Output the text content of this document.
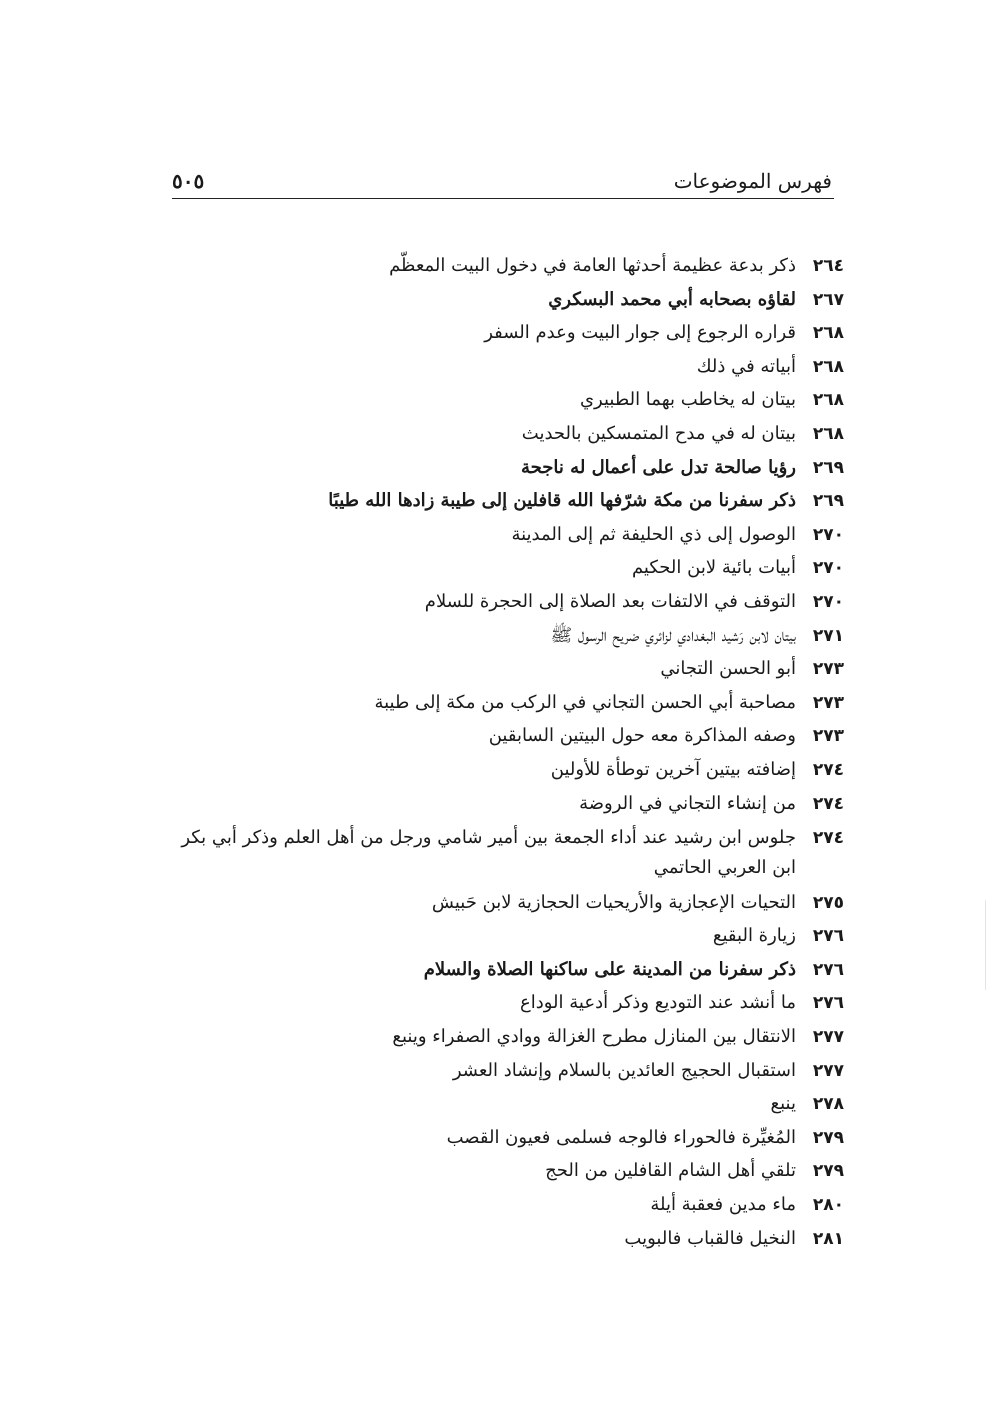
فهرس الموضوعات
٥٠٥
٢٦٤
ذكر بدعة عظيمة أحدثها العامة في دخول البيت المعظّم
٢٦٧
لقاؤه بصحابه أبي محمد البسكري
٢٦٨
قراره الرجوع إلى جوار البيت وعدم السفر
٢٦٨
أبياته في ذلك
٢٦٨
بيتان له يخاطب بهما الطبيري
٢٦٨
بيتان له في مدح المتمسكين بالحديث
٢٦٩
رؤيا صالحة تدل على أعمال له ناجحة
٢٦٩
ذكر سفرنا من مكة شرّفها الله قافلين إلى طيبة زادها الله طيبًا
٢٧٠
الوصول إلى ذي الحليفة ثم إلى المدينة
٢٧٠
أبيات بائية لابن الحكيم
٢٧٠
التوقف في الالتفات بعد الصلاة إلى الحجرة للسلام
٢٧١
بيتان لابن رَشيد البغدادي لزائري ضريح الرسول ﷺ
٢٧٣
أبو الحسن التجاني
٢٧٣
مصاحبة أبي الحسن التجاني في الركب من مكة إلى طيبة
٢٧٣
وصفه المذاكرة معه حول البيتين السابقين
٢٧٤
إضافته بيتين آخرين توطأة للأولين
٢٧٤
من إنشاء التجاني في الروضة
٢٧٤
جلوس ابن رشيد عند أداء الجمعة بين أمير شامي ورجل من أهل العلم وذكر أبي بكر ابن العربي الحاتمي
٢٧٥
التحيات الإعجازية والأريحيات الحجازية لابن حَبيش
٢٧٦
زيارة البقيع
٢٧٦
ذكر سفرنا من المدينة على ساكنها الصلاة والسلام
٢٧٦
ما أنشد عند التوديع وذكر أدعية الوداع
٢٧٧
الانتقال بين المنازل مطرح الغزالة ووادي الصفراء وينبع
٢٧٧
استقبال الحجيج العائدين بالسلام وإنشاد العشر
٢٧٨
ينبع
٢٧٩
المُغيِّرة فالحوراء فالوجه فسلمى فعيون القصب
٢٧٩
تلقي أهل الشام القافلين من الحج
٢٨٠
ماء مدين فعقبة أيلة
٢٨١
النخيل فالقباب فالبويب
